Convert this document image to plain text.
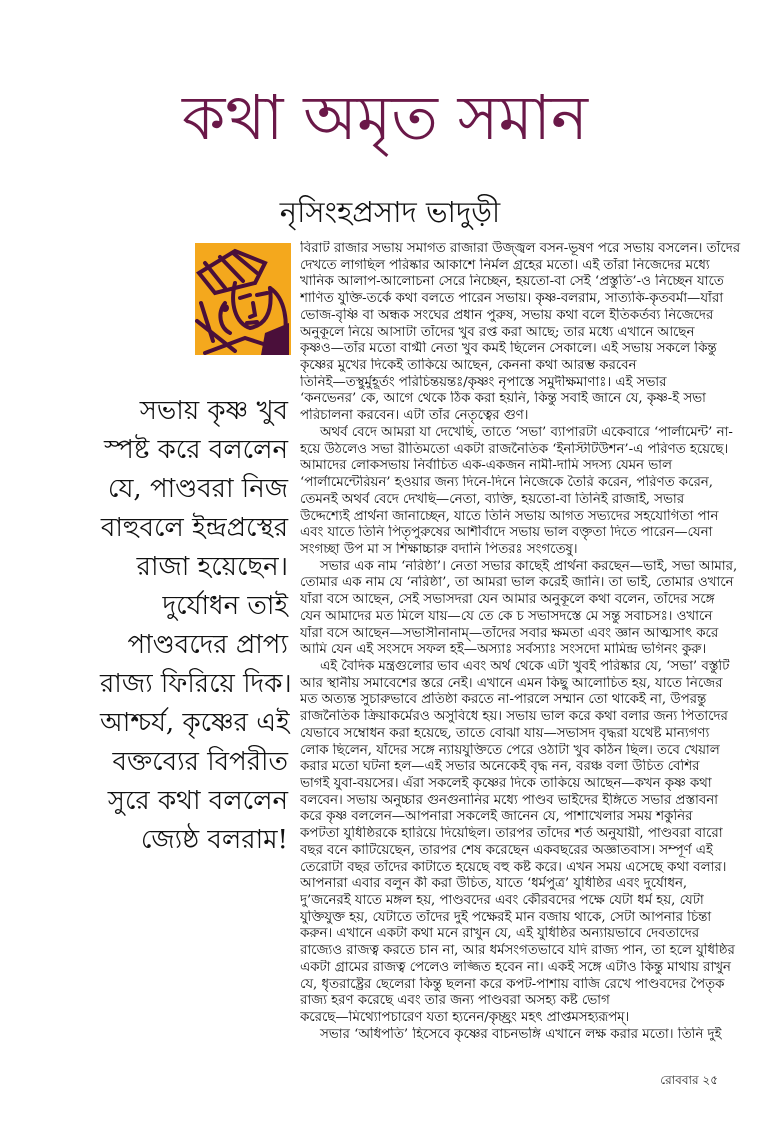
কথা অমৃত সমান
নৃসিংহপ্রসাদ ভাদুড়ী
সভায় কৃষ্ণ খুব
স্পষ্ট করে বললেন
যে, পাণ্ডবরা নিজ
বাহুবলে ইন্দ্রপ্রস্থের
রাজা হয়েছেন।
দুর্যোধন তাই
পাণ্ডবদের প্রাপ্য
রাজ্য ফিরিয়ে দিক।
আশ্চর্য, কৃষ্ণের এই
বক্তব্যের বিপরীত
সুরে কথা বললেন
জ্যেষ্ঠ বলরাম!
বিরাট রাজার সভায় সমাগত রাজারা উজ্জ্বল বসন-ভূষণ পরে সভায় বসলেন। তাঁদের
দেখতে লাগছিল পরিষ্কার আকাশে নির্মল গ্রহের মতো। এই তাঁরা নিজেদের মধ্যে
খানিক আলাপ-আলোচনা সেরে নিচ্ছেন, হয়তো-বা সেই ‘প্রস্তুতি’-ও নিচ্ছেন যাতে
শাণিত যুক্তি-তর্কে কথা বলতে পারেন সভায়। কৃষ্ণ-বলরাম, সাত্যকি-কৃতবর্মা—যাঁরা
ভোজ-বৃষ্ণি বা অন্ধক সংঘের প্রধান পুরুষ, সভায় কথা বলে ইতিকর্তব্য নিজেদের
অনুকূলে নিয়ে আসাটা তাঁদের খুব রপ্ত করা আছে; তার মধ্যে এখানে আছেন
কৃষ্ণও—তাঁর মতো বাগ্মী নেতা খুব কমই ছিলেন সেকালে। এই সভায় সকলে কিন্তু
কৃষ্ণের মুখের দিকেই তাকিয়ে আছেন, কেননা কথা আরম্ভ করবেন
তিনিই—তস্থুর্মুহূর্তং পরিচিন্তয়ন্তঃ/কৃষ্ণং নৃপাস্তে সমুদীক্ষমাণাঃ। এই সভার
‘কনভেনর’ কে, আগে থেকে ঠিক করা হয়নি, কিন্তু সবাই জানে যে, কৃষ্ণ-ই সভা
পরিচালনা করবেন। এটা তাঁর নেতৃত্বের গুণ।
অথর্ব বেদে আমরা যা দেখেছি, তাতে ‘সভা’ ব্যাপারটা একেবারে ‘পার্লামেন্ট’ না-
হয়ে উঠলেও সভা রীতিমতো একটা রাজনৈতিক ‘ইনস্টিটিউশন’-এ পরিণত হয়েছে।
আমাদের লোকসভায় নির্বাচিত এক-একজন নামী-দামি সদস্য যেমন ভাল
‘পার্লামেন্টেরিয়ন’ হওয়ার জন্য দিনে-দিনে নিজেকে তৈরি করেন, পরিণত করেন,
তেমনই অথর্ব বেদে দেখছি—নেতা, ব্যক্তি, হয়তো-বা তিনিই রাজাই, সভার
উদ্দেশ্যেই প্রার্থনা জানাচ্ছেন, যাতে তিনি সভায় আগত সভ্যদের সহযোগিতা পান
এবং যাতে তিনি পিতৃপুরুষের আশীর্বাদে সভায় ভাল বক্তৃতা দিতে পারেন—যেনা
সংগচ্ছা উপ মা স শিক্ষাচ্চারু বদানি পিতরঃ সংগতেষু।
সভার এক নাম ‘নরিষ্ঠা’। নেতা সভার কাছেই প্রার্থনা করছেন—ভাই, সভা আমার,
তোমার এক নাম যে ‘নরিষ্ঠা’, তা আমরা ভাল করেই জানি। তা ভাই, তোমার ওখানে
যাঁরা বসে আছেন, সেই সভাসদরা যেন আমার অনুকূলে কথা বলেন, তাঁদের সঙ্গে
যেন আমাদের মত মিলে যায়—যে তে কে চ সভাসদস্তে মে সন্তু সবাচসঃ। ওখানে
যাঁরা বসে আছেন—সভাসীনানাম্—তাঁদের সবার ক্ষমতা এবং জ্ঞান আত্মসাৎ করে
আমি যেন এই সংসদে সফল হই—অস্যাঃ সর্বস্যাঃ সংসদো মামিন্দ্র ভগিনং কুরু।
এই বৈদিক মন্ত্রগুলোর ভাব এবং অর্থ থেকে এটা খুবই পরিষ্কার যে, ‘সভা’ বস্তুটি
আর স্থানীয় সমাবেশের স্তরে নেই। এখানে এমন কিছু আলোচিত হয়, যাতে নিজের
মত অত্যন্ত সুচারুভাবে প্রতিষ্ঠা করতে না-পারলে সম্মান তো থাকেই না, উপরন্তু
রাজনৈতিক ক্রিয়াকর্মেরও অসুবিধে হয়। সভায় ভাল করে কথা বলার জন্য পিতাদের
যেভাবে সম্বোধন করা হয়েছে, তাতে বোঝা যায়—সভাসদ বৃদ্ধরা যথেষ্ট মান্যগণ্য
লোক ছিলেন, যাঁদের সঙ্গে ন্যায়যুক্তিতে পেরে ওঠাটা খুব কঠিন ছিল। তবে খেয়াল
করার মতো ঘটনা হল—এই সভার অনেকেই বৃদ্ধ নন, বরঞ্চ বলা উচিত বেশির
ভাগই যুবা-বয়সের। এঁরা সকলেই কৃষ্ণের দিকে তাকিয়ে আছেন—কখন কৃষ্ণ কথা
বলবেন। সভায় অনুচ্চার গুনগুনানির মধ্যে পাণ্ডব ভাইদের ইঙ্গিতে সভার প্রস্তাবনা
করে কৃষ্ণ বললেন—আপনারা সকলেই জানেন যে, পাশাখেলার সময় শকুনির
কপটতা যুধিষ্ঠিরকে হারিয়ে দিয়েছিল। তারপর তাঁদের শর্ত অনুযায়ী, পাণ্ডবরা বারো
বছর বনে কাটিয়েছেন, তারপর শেষ করেছেন একবছরের অজ্ঞাতবাস। সম্পূর্ণ এই
তেরোটা বছর তাঁদের কাটাতে হয়েছে বহু কষ্ট করে। এখন সময় এসেছে কথা বলার।
আপনারা এবার বলুন কী করা উচিত, যাতে ‘ধর্মপুত্র’ যুধিষ্ঠির এবং দুর্যোধন,
দু’জনেরই যাতে মঙ্গল হয়, পাণ্ডবদের এবং কৌরবদের পক্ষে যেটা ধর্ম হয়, যেটা
যুক্তিযুক্ত হয়, যেটাতে তাঁদের দুই পক্ষেরই মান বজায় থাকে, সেটা আপনার চিন্তা
করুন। এখানে একটা কথা মনে রাখুন যে, এই যুধিষ্ঠির অন্যায়ভাবে দেবতাদের
রাজ্যেও রাজত্ব করতে চান না, আর ধর্মসংগতভাবে যদি রাজ্য পান, তা হলে যুধিষ্ঠির
একটা গ্রামের রাজত্ব পেলেও লজ্জিত হবেন না। একই সঙ্গে এটাও কিন্তু মাথায় রাখুন
যে, ধৃতরাষ্ট্রের ছেলেরা কিন্তু ছলনা করে কপট-পাশায় বাজি রেখে পাণ্ডবদের পৈতৃক
রাজ্য হরণ করেছে এবং তার জন্য পাণ্ডবরা অসহ্য কষ্ট ভোগ
করেছে—মিথ্যোপচারেণ যতা হ্যনেন/কৃচ্ছ্রং মহৎ প্রাপ্তমসহ্যরূপম্।
সভার ‘অধিপতি’ হিসেবে কৃষ্ণের বাচনভঙ্গি এখানে লক্ষ করার মতো। তিনি দুই
রোববার ২৫
